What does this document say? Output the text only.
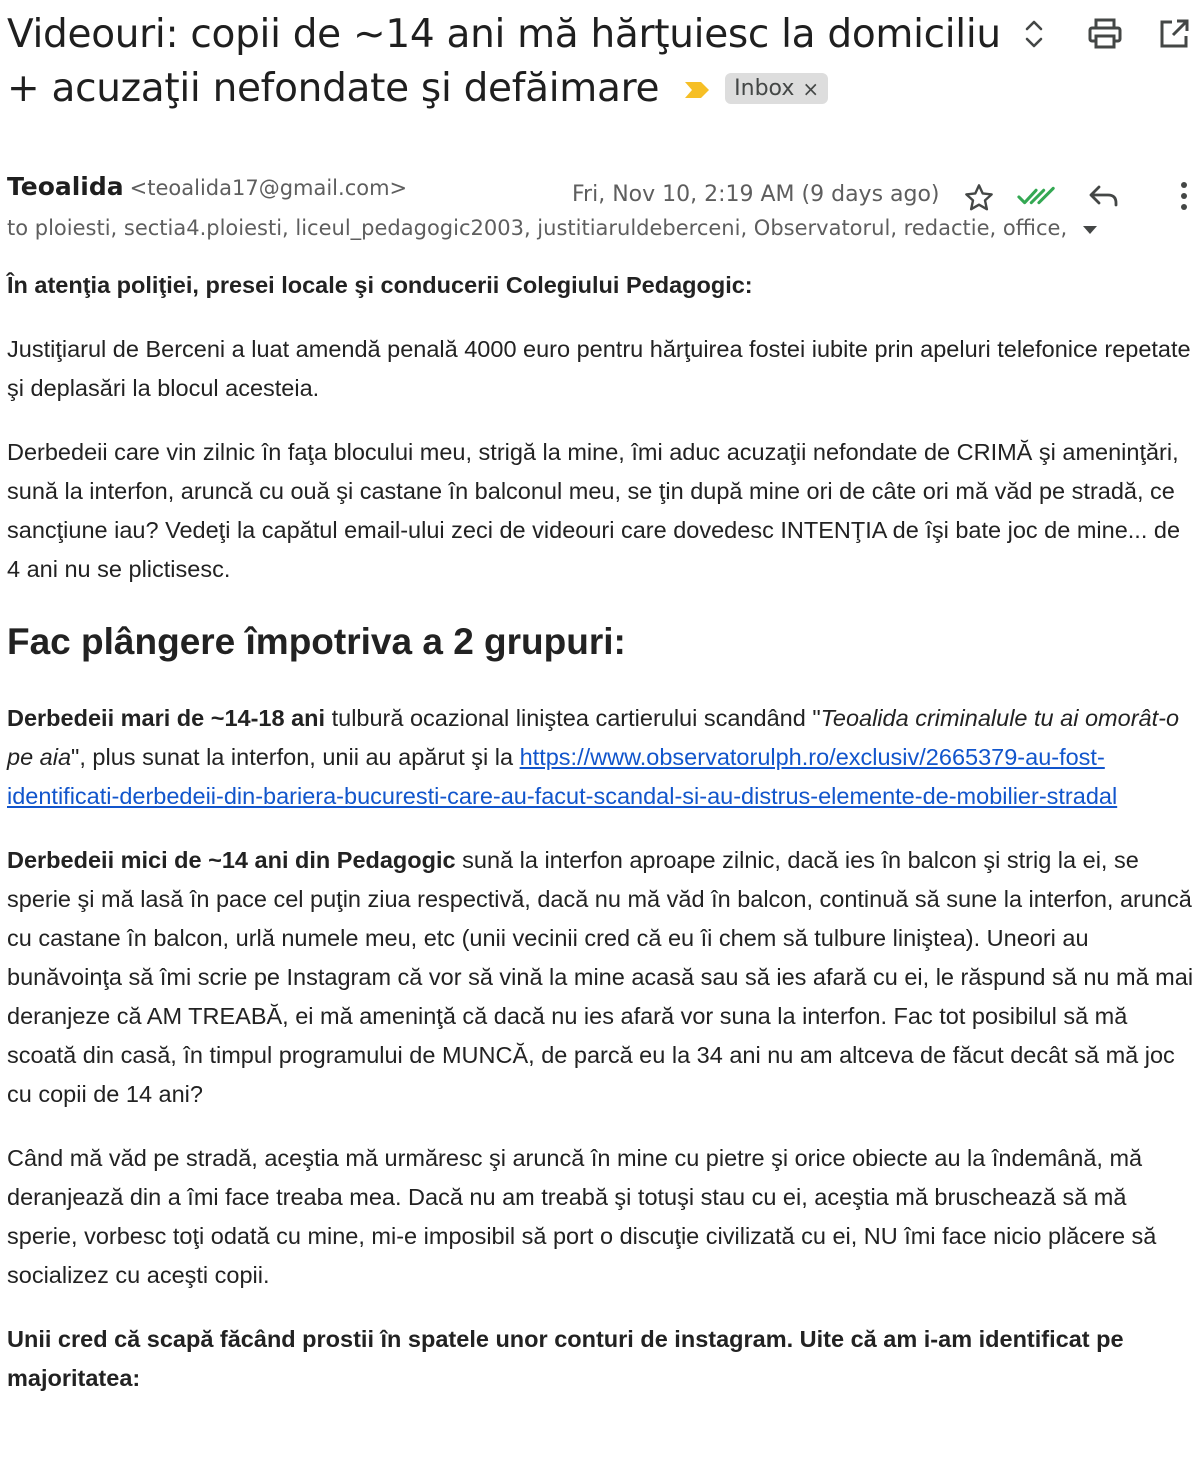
Videouri: copii de ~14 ani mă hărţuiesc la domiciliu + acuzaţii nefondate şi defăimare	Inbox ×
Teoalida <teoalida17@gmail.com>	Fri, Nov 10, 2:19 AM (9 days ago)
to ploiesti, sectia4.ploiesti, liceul_pedagogic2003, justitiaruldeberceni, Observatorul, redactie, office,

În atenţia poliţiei, presei locale şi conducerii Colegiului Pedagogic:

Justiţiarul de Berceni a luat amendă penală 4000 euro pentru hărţuirea fostei iubite prin apeluri telefonice repetate şi deplasări la blocul acesteia.

Derbedeii care vin zilnic în faţa blocului meu, strigă la mine, îmi aduc acuzaţii nefondate de CRIMĂ şi ameninţări, sună la interfon, aruncă cu ouă şi castane în balconul meu, se ţin după mine ori de câte ori mă văd pe stradă, ce sancţiune iau? Vedeţi la capătul email-ului zeci de videouri care dovedesc INTENŢIA de îşi bate joc de mine... de 4 ani nu se plictisesc.

Fac plângere împotriva a 2 grupuri:

Derbedeii mari de ~14-18 ani tulbură ocazional liniştea cartierului scandând "Teoalida criminalule tu ai omorât-o pe aia", plus sunat la interfon, unii au apărut şi la https://www.observatorulph.ro/exclusiv/2665379-au-fost-identificati-derbedeii-din-bariera-bucuresti-care-au-facut-scandal-si-au-distrus-elemente-de-mobilier-stradal

Derbedeii mici de ~14 ani din Pedagogic sună la interfon aproape zilnic, dacă ies în balcon şi strig la ei, se sperie şi mă lasă în pace cel puţin ziua respectivă, dacă nu mă văd în balcon, continuă să sune la interfon, aruncă cu castane în balcon, urlă numele meu, etc (unii vecinii cred că eu îi chem să tulbure liniştea). Uneori au bunăvoinţa să îmi scrie pe Instagram că vor să vină la mine acasă sau să ies afară cu ei, le răspund să nu mă mai deranjeze că AM TREABĂ, ei mă ameninţă că dacă nu ies afară vor suna la interfon. Fac tot posibilul să mă scoată din casă, în timpul programului de MUNCĂ, de parcă eu la 34 ani nu am altceva de făcut decât să mă joc cu copii de 14 ani?

Când mă văd pe stradă, aceştia mă urmăresc şi aruncă în mine cu pietre şi orice obiecte au la îndemână, mă deranjează din a îmi face treaba mea. Dacă nu am treabă şi totuşi stau cu ei, aceştia mă bruschează să mă sperie, vorbesc toţi odată cu mine, mi-e imposibil să port o discuţie civilizată cu ei, NU îmi face nicio plăcere să socializez cu aceşti copii.

Unii cred că scapă făcând prostii în spatele unor conturi de instagram. Uite că am i-am identificat pe majoritatea:
